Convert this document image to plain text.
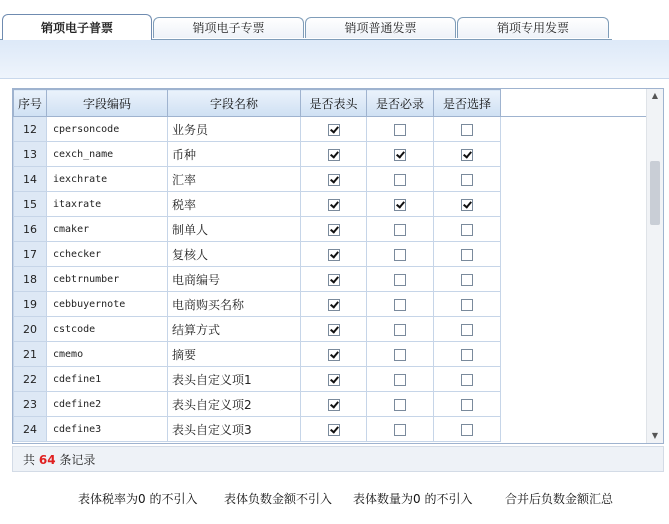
销项电子普票	销项电子专票	销项普通发票	销项专用发票
序号	字段编码	字段名称	是否表头	是否必录	是否选择	
12	cpersoncode	业务员				
13	cexch_name	币种				
14	iexchrate	汇率				
15	itaxrate	税率				
16	cmaker	制单人				
17	cchecker	复核人				
18	cebtrnumber	电商编号				
19	cebbuyernote	电商购买名称				
20	cstcode	结算方式				
21	cmemo	摘要				
22	cdefine1	表头自定义项1				
23	cdefine2	表头自定义项2				
24	cdefine3	表头自定义项3				
▲
▼
共 64 条记录
表体税率为0 的不引入 表体负数金额不引入 表体数量为0 的不引入	合并后负数金额汇总
